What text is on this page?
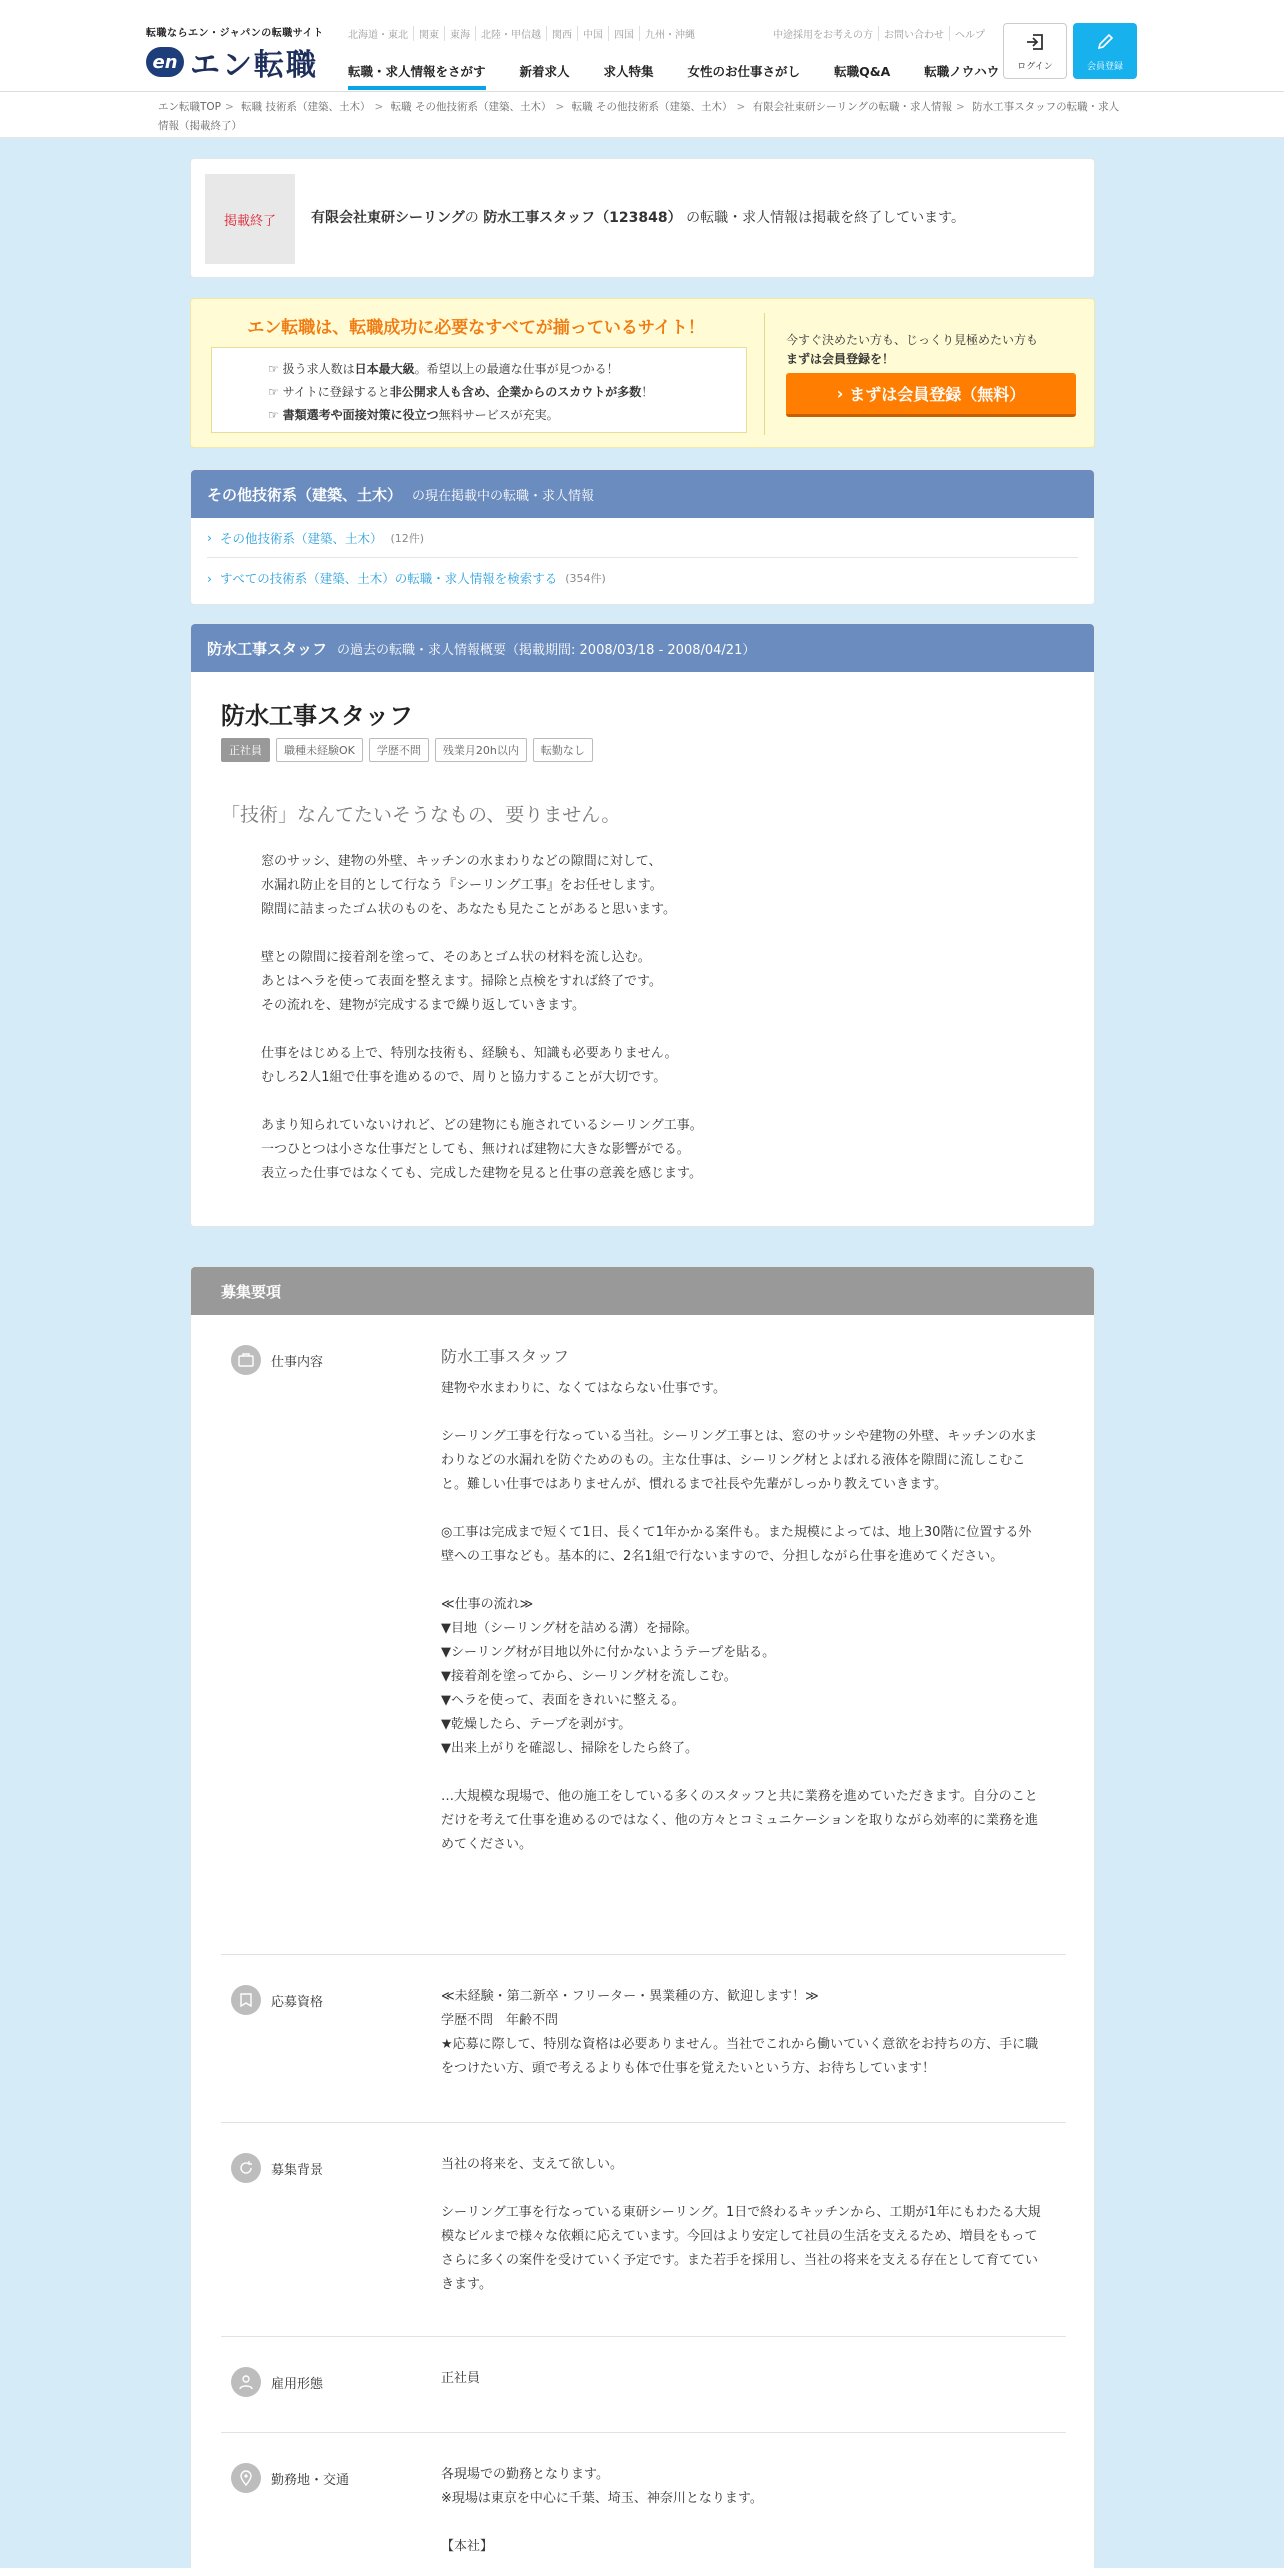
転職ならエン・ジャパンの転職サイト
en エン転職
北海道・東北	関東	東海	北陸・甲信越	関西	中国	四国	九州・沖縄	中途採用をお考えの方	お問い合わせ	ヘルプ
転職・求人情報をさがす	新着求人	求人特集	女性のお仕事さがし	転職Q&A	転職ノウハウ ログイン	会員登録
エン転職TOP > 転職 技術系（建築、土木） > 転職 その他技術系（建築、土木） > 転職 その他技術系（建築、土木） > 有限会社東研シーリングの転職・求人情報 > 防水工事スタッフの転職・求人情報（掲載終了）
掲載終了	有限会社東研シーリングの 防水工事スタッフ（123848） の転職・求人情報は掲載を終了しています。
エン転職は、転職成功に必要なすべてが揃っているサイト！
☞ 扱う求人数は日本最大級。希望以上の最適な仕事が見つかる！
☞ サイトに登録すると非公開求人も含め、企業からのスカウトが多数！
☞ 書類選考や面接対策に役立つ無料サービスが充実。
今すぐ決めたい方も、じっくり見極めたい方も
まずは会員登録を！
› まずは会員登録（無料）
その他技術系（建築、土木） の現在掲載中の転職・求人情報
› その他技術系（建築、土木） (12件)
› すべての技術系（建築、土木）の転職・求人情報を検索する (354件)
防水工事スタッフ の過去の転職・求人情報概要（掲載期間: 2008/03/18 - 2008/04/21）
防水工事スタッフ
正社員	職種未経験OK	学歴不問	残業月20h以内	転勤なし
「技術」なんてたいそうなもの、要りません。
窓のサッシ、建物の外壁、キッチンの水まわりなどの隙間に対して、
水漏れ防止を目的として行なう『シーリング工事』をお任せします。
隙間に詰まったゴム状のものを、あなたも見たことがあると思います。

壁との隙間に接着剤を塗って、そのあとゴム状の材料を流し込む。
あとはヘラを使って表面を整えます。掃除と点検をすれば終了です。
その流れを、建物が完成するまで繰り返していきます。

仕事をはじめる上で、特別な技術も、経験も、知識も必要ありません。
むしろ2人1組で仕事を進めるので、周りと協力することが大切です。

あまり知られていないけれど、どの建物にも施されているシーリング工事。
一つひとつは小さな仕事だとしても、無ければ建物に大きな影響がでる。
表立った仕事ではなくても、完成した建物を見ると仕事の意義を感じます。
募集要項
仕事内容	防水工事スタッフ
建物や水まわりに、なくてはならない仕事です。

シーリング工事を行なっている当社。シーリング工事とは、窓のサッシや建物の外壁、キッチンの水まわりなどの水漏れを防ぐためのもの。主な仕事は、シーリング材とよばれる液体を隙間に流しこむこと。難しい仕事ではありませんが、慣れるまで社長や先輩がしっかり教えていきます。

◎工事は完成まで短くて1日、長くて1年かかる案件も。また規模によっては、地上30階に位置する外壁への工事なども。基本的に、2名1組で行ないますので、分担しながら仕事を進めてください。

≪仕事の流れ≫
▼目地（シーリング材を詰める溝）を掃除。
▼シーリング材が目地以外に付かないようテープを貼る。
▼接着剤を塗ってから、シーリング材を流しこむ。
▼ヘラを使って、表面をきれいに整える。
▼乾燥したら、テープを剥がす。
▼出来上がりを確認し、掃除をしたら終了。

…大規模な現場で、他の施工をしている多くのスタッフと共に業務を進めていただきます。自分のことだけを考えて仕事を進めるのではなく、他の方々とコミュニケーションを取りながら効率的に業務を進めてください。
応募資格	≪未経験・第二新卒・フリーター・異業種の方、歓迎します！≫
学歴不問　年齢不問
★応募に際して、特別な資格は必要ありません。当社でこれから働いていく意欲をお持ちの方、手に職をつけたい方、頭で考えるよりも体で仕事を覚えたいという方、お待ちしています！
募集背景	当社の将来を、支えて欲しい。

シーリング工事を行なっている東研シーリング。1日で終わるキッチンから、工期が1年にもわたる大規模なビルまで様々な依頼に応えています。今回はより安定して社員の生活を支えるため、増員をもってさらに多くの案件を受けていく予定です。また若手を採用し、当社の将来を支える存在として育てていきます。
雇用形態	正社員
勤務地・交通	各現場での勤務となります。
※現場は東京を中心に千葉、埼玉、神奈川となります。

【本社】
